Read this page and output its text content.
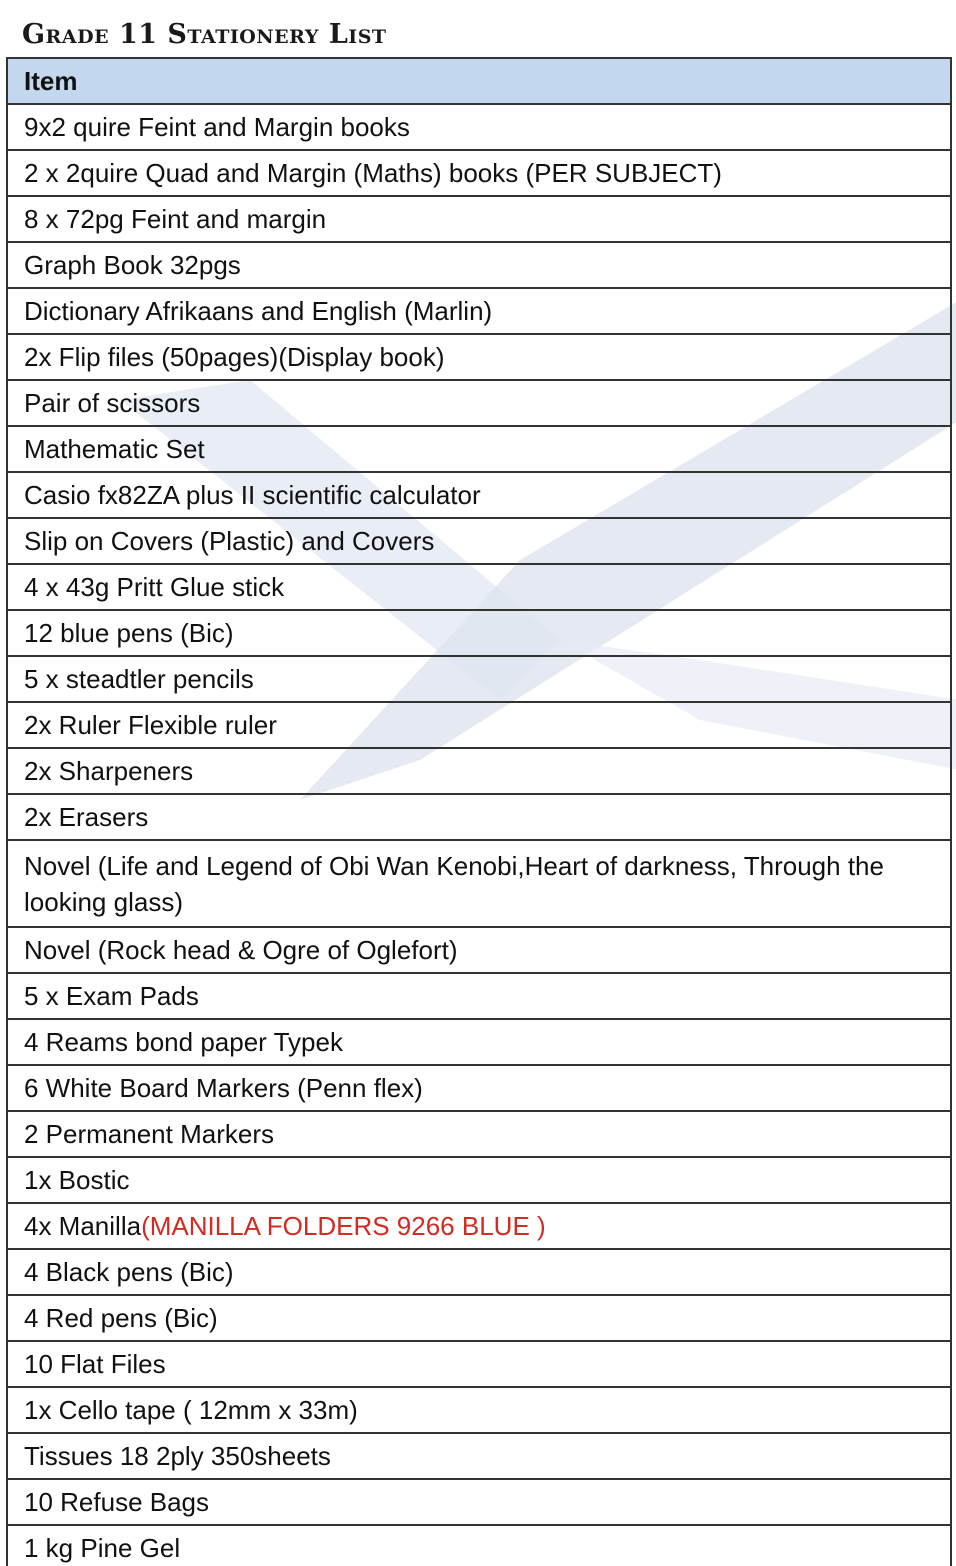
Grade 11 Stationery List
Item
9x2 quire Feint and Margin books
2 x 2quire Quad and Margin (Maths) books (PER SUBJECT)
8 x 72pg Feint and margin
Graph Book 32pgs
Dictionary Afrikaans and English (Marlin)
2x Flip files (50pages)(Display book)
Pair of scissors
Mathematic Set
Casio fx82ZA plus II scientific calculator
Slip on Covers (Plastic) and Covers
4 x 43g Pritt Glue stick
12 blue pens (Bic)
5 x steadtler pencils
2x Ruler Flexible ruler
2x Sharpeners
2x Erasers
Novel (Life and Legend of Obi Wan Kenobi,Heart of darkness, Through the looking glass)
Novel (Rock head & Ogre of Oglefort)
5 x Exam Pads
4 Reams bond paper Typek
6 White Board Markers (Penn flex)
2 Permanent Markers
1x Bostic
4x Manilla(MANILLA FOLDERS 9266 BLUE )
4 Black pens (Bic)
4 Red pens (Bic)
10 Flat Files
1x Cello tape ( 12mm x 33m)
Tissues 18 2ply 350sheets
10 Refuse Bags
1 kg Pine Gel
